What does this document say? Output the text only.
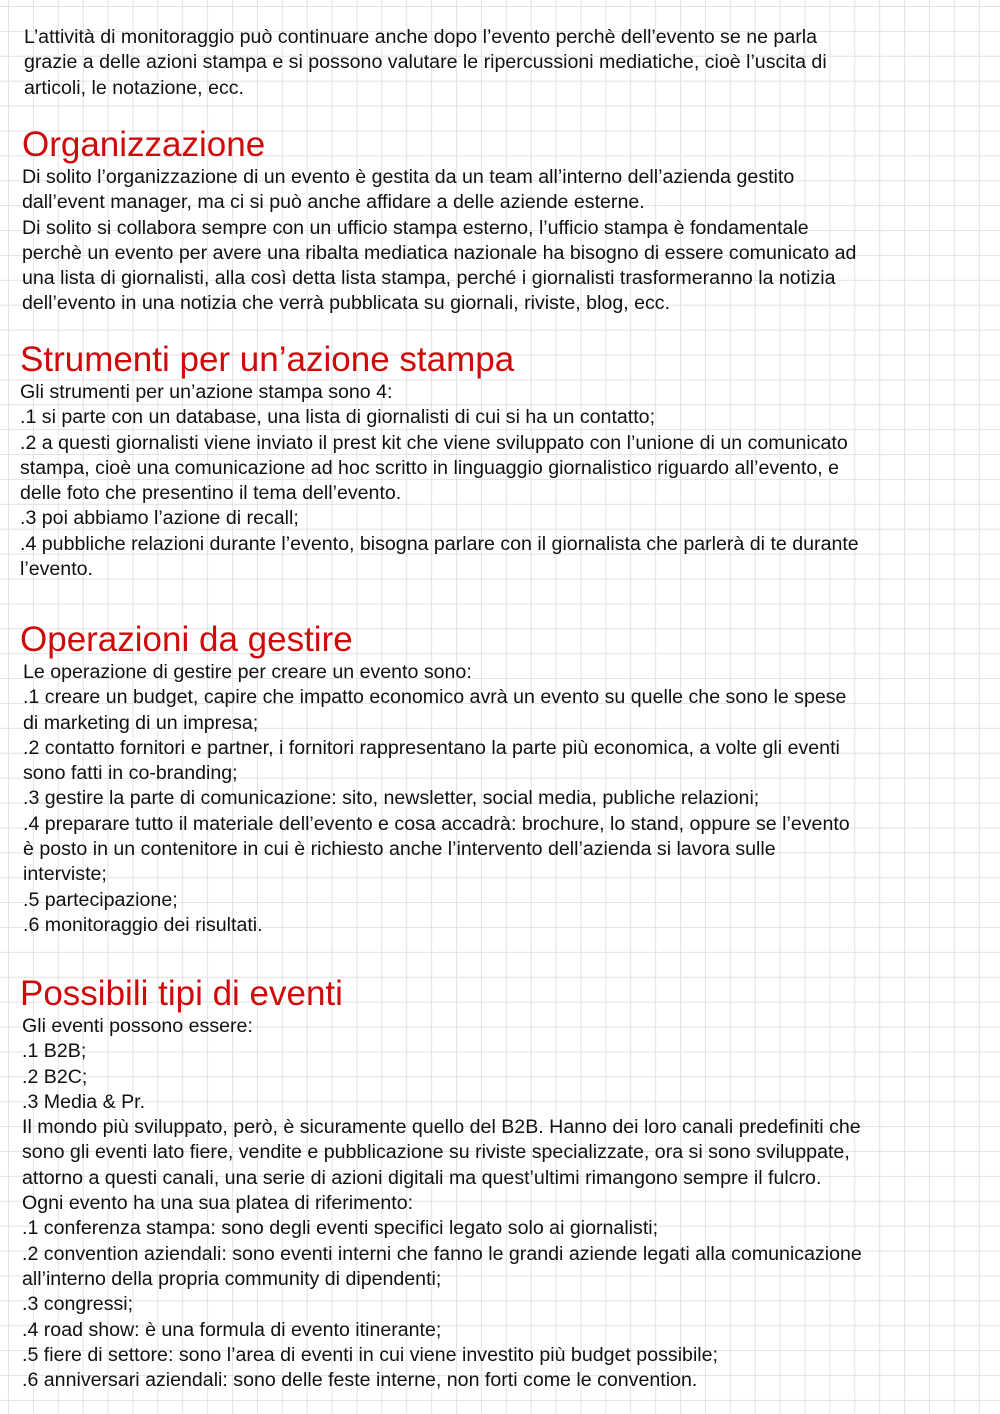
L’attività di monitoraggio può continuare anche dopo l’evento perchè dell’evento se ne parla
grazie a delle azioni stampa e si possono valutare le ripercussioni mediatiche, cioè l’uscita di
articoli, le notazione, ecc.

Organizzazione

Di solito l’organizzazione di un evento è gestita da un team all’interno dell’azienda gestito
dall’event manager, ma ci si può anche affidare a delle aziende esterne.
Di solito si collabora sempre con un ufficio stampa esterno, l’ufficio stampa è fondamentale
perchè un evento per avere una ribalta mediatica nazionale ha bisogno di essere comunicato ad
una lista di giornalisti, alla così detta lista stampa, perché i giornalisti trasformeranno la notizia
dell’evento in una notizia che verrà pubblicata su giornali, riviste, blog, ecc.

Strumenti per un’azione stampa

Gli strumenti per un’azione stampa sono 4:
.1 si parte con un database, una lista di giornalisti di cui si ha un contatto;
.2 a questi giornalisti viene inviato il prest kit che viene sviluppato con l’unione di un comunicato
stampa, cioè una comunicazione ad hoc scritto in linguaggio giornalistico riguardo all’evento, e
delle foto che presentino il tema dell’evento.
.3 poi abbiamo l’azione di recall;
.4 pubbliche relazioni durante l’evento, bisogna parlare con il giornalista che parlerà di te durante
l’evento.

Operazioni da gestire

Le operazione di gestire per creare un evento sono:
.1 creare un budget, capire che impatto economico avrà un evento su quelle che sono le spese
di marketing di un impresa;
.2 contatto fornitori e partner, i fornitori rappresentano la parte più economica, a volte gli eventi
sono fatti in co-branding;
.3 gestire la parte di comunicazione: sito, newsletter, social media, publiche relazioni;
.4 preparare tutto il materiale dell’evento e cosa accadrà: brochure, lo stand, oppure se l’evento
è posto in un contenitore in cui è richiesto anche l’intervento dell’azienda si lavora sulle
interviste;
.5 partecipazione;
.6 monitoraggio dei risultati.

Possibili tipi di eventi

Gli eventi possono essere:
.1 B2B;
.2 B2C;
.3 Media & Pr.
Il mondo più sviluppato, però, è sicuramente quello del B2B. Hanno dei loro canali predefiniti che
sono gli eventi lato fiere, vendite e pubblicazione su riviste specializzate, ora si sono sviluppate,
attorno a questi canali, una serie di azioni digitali ma quest’ultimi rimangono sempre il fulcro.
Ogni evento ha una sua platea di riferimento:
.1 conferenza stampa: sono degli eventi specifici legato solo ai giornalisti;
.2 convention aziendali: sono eventi interni che fanno le grandi aziende legati alla comunicazione
all’interno della propria community di dipendenti;
.3 congressi;
.4 road show: è una formula di evento itinerante;
.5 fiere di settore: sono l’area di eventi in cui viene investito più budget possibile;
.6 anniversari aziendali: sono delle feste interne, non forti come le convention.
